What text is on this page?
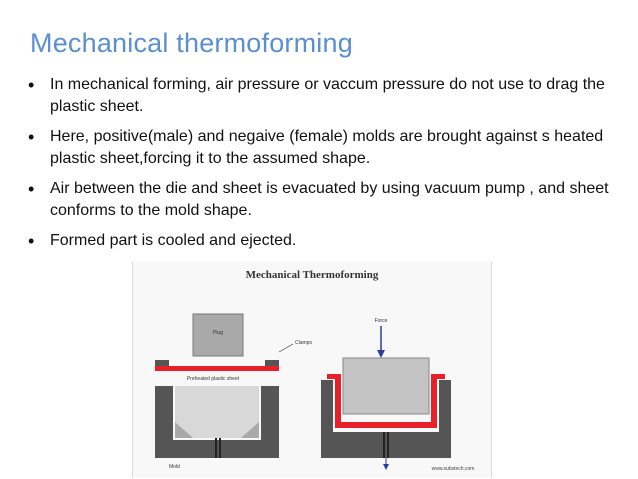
Mechanical thermoforming
• In mechanical forming, air pressure or vaccum pressure do not use to drag the plastic sheet.
• Here, positive(male) and negaive (female) molds are brought against s heated plastic sheet,forcing it to the assumed shape.
• Air between the die and sheet is evacuated by using vacuum pump , and sheet conforms to the mold shape.
• Formed part is cooled and ejected.
Mechanical Thermoforming
Plug
Clamps
Preheated plastic sheet
Mold
Force
www.substech.com
